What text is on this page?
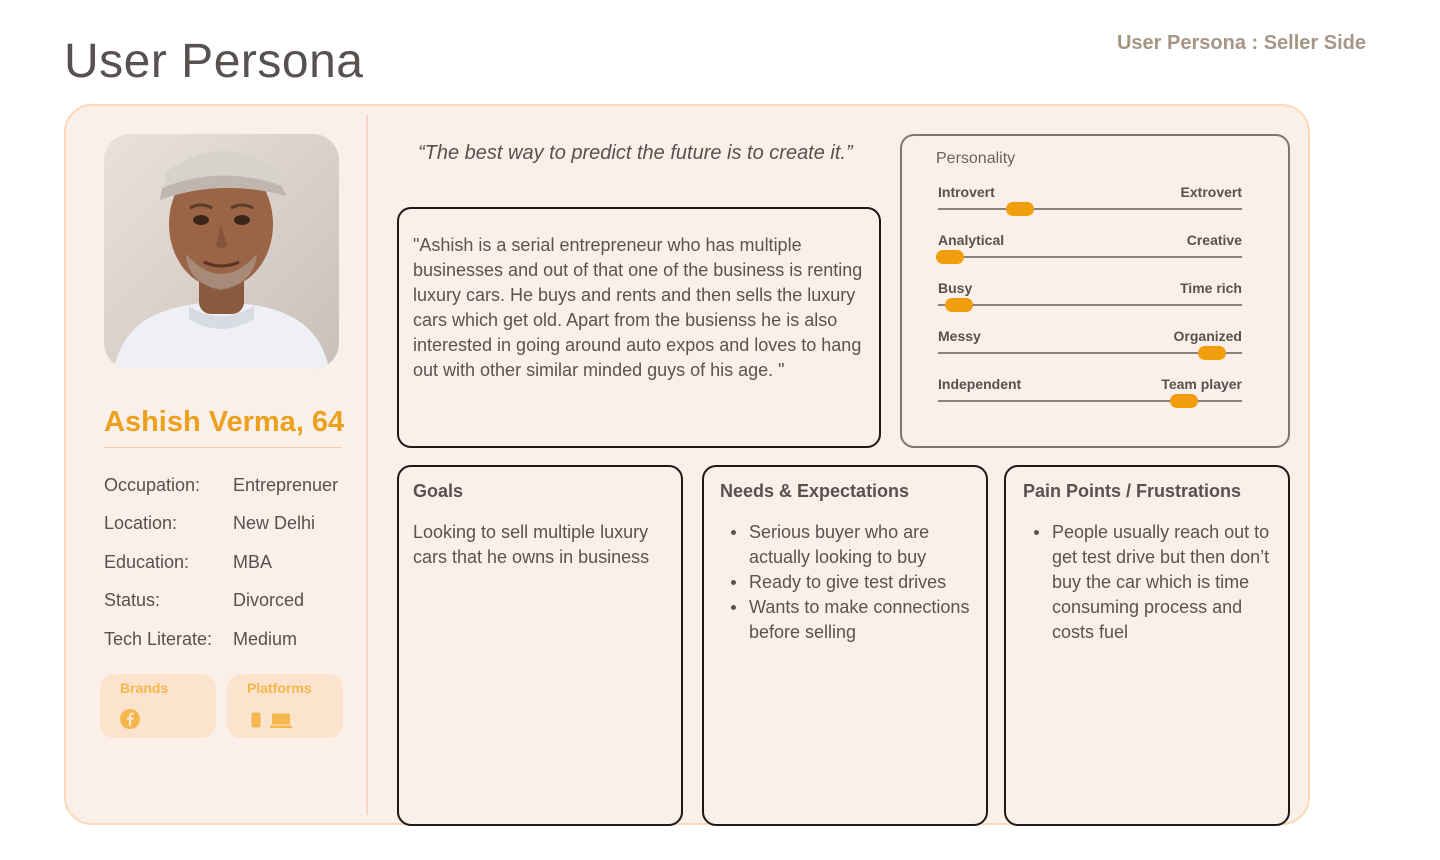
User Persona	User Persona : Seller Side
Ashish Verma, 64
Occupation:	Entreprenuer
Location:	New Delhi
Education:	MBA
Status:	Divorced
Tech Literate:	Medium
Brands	Platforms
“The best way to predict the future is to create it.”
"Ashish is a serial entrepreneur who has multiple businesses and out of that one of the business is renting luxury cars. He buys and rents and then sells the luxury cars which get old. Apart from the busienss he is also interested in going around auto expos and loves to hang out with other similar minded guys of his age. "
Personality
Introvert	Extrovert
Analytical	Creative
Busy	Time rich
Messy	Organized
Independent	Team player
Goals
Looking to sell multiple luxury cars that he owns in business
Needs & Expectations
Serious buyer who are actually looking to buy
Ready to give test drives
Wants to make connections before selling
Pain Points / Frustrations
People usually reach out to get test drive but then don’t buy the car which is time consuming process and costs fuel
